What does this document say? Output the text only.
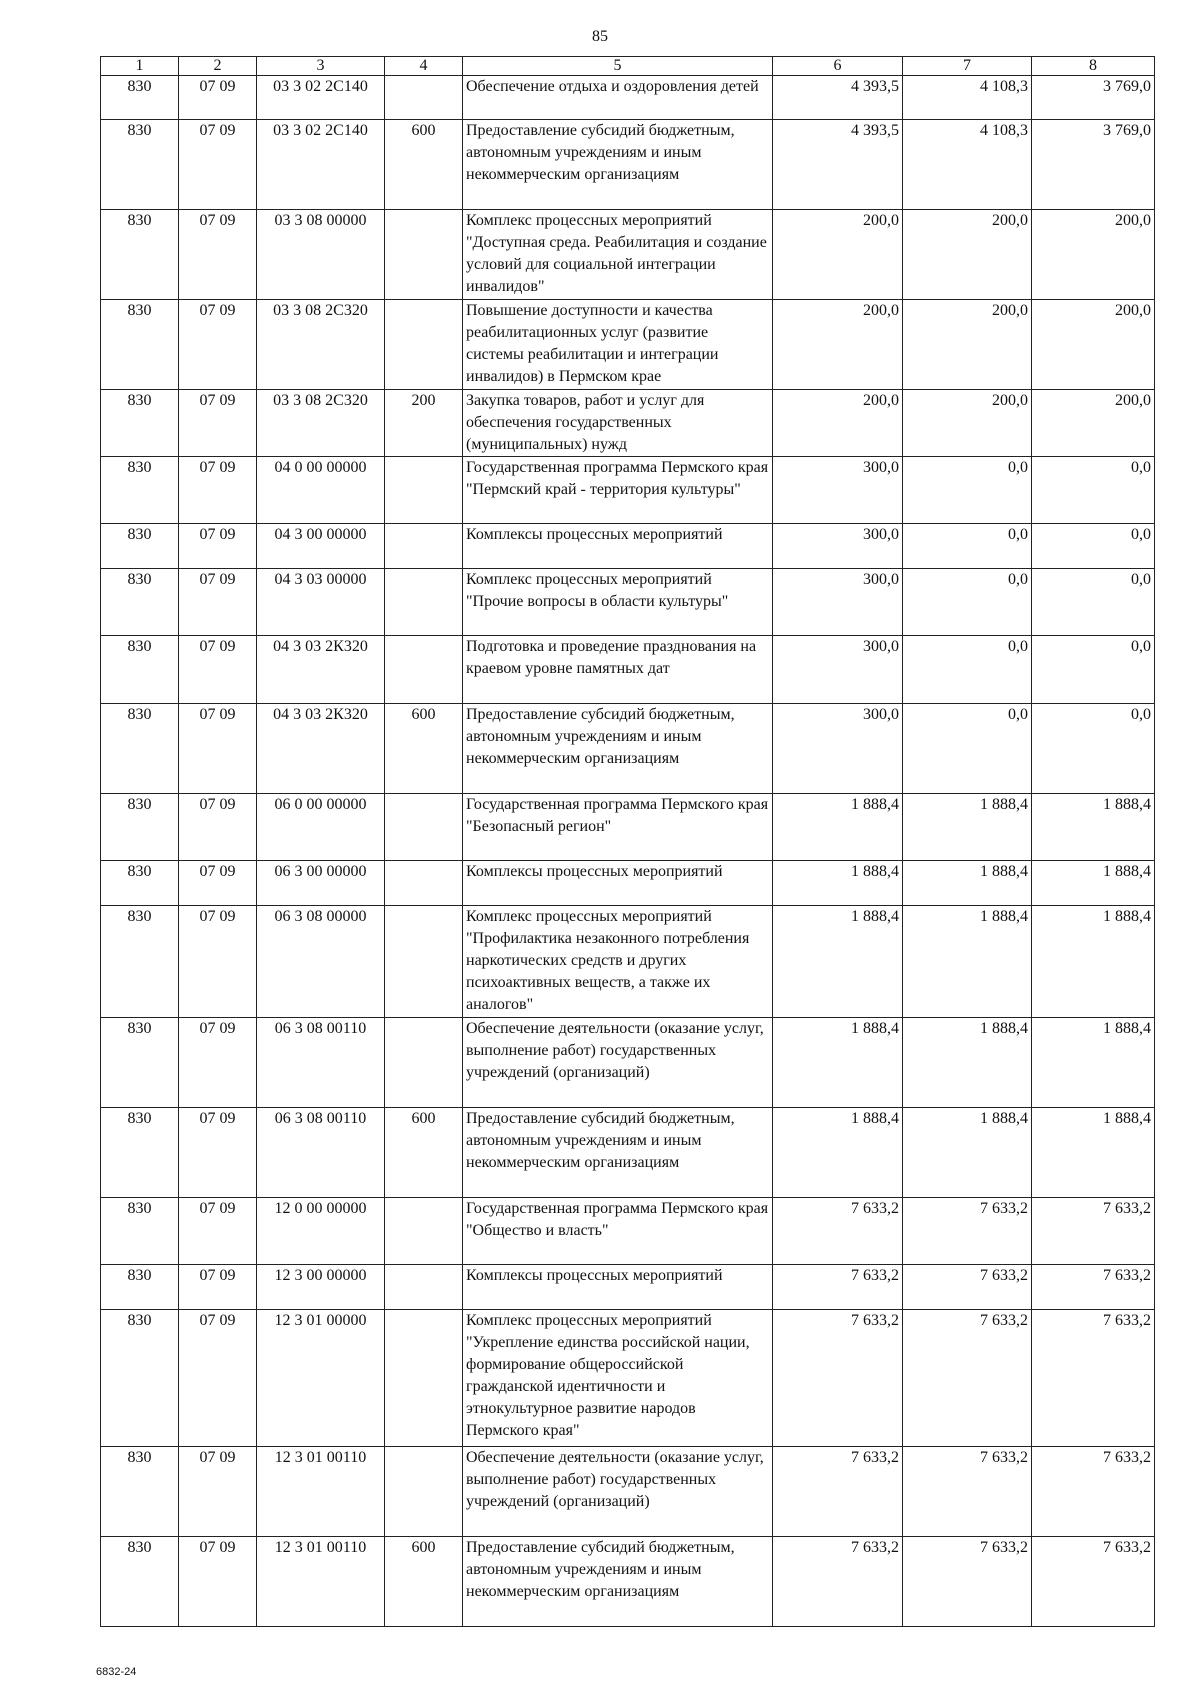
85
1	2	3	4	5	6	7	8
830	07 09	03 3 02 2С140		Обеспечение отдыха и оздоровления детей	4 393,5	4 108,3	3 769,0
830	07 09	03 3 02 2С140	600	Предоставление субсидий бюджетным, автономным учреждениям и иным некоммерческим организациям	4 393,5	4 108,3	3 769,0
830	07 09	03 3 08 00000		Комплекс процессных мероприятий "Доступная среда. Реабилитация и создание условий для социальной интеграции инвалидов"	200,0	200,0	200,0
830	07 09	03 3 08 2С320		Повышение доступности и качества реабилитационных услуг (развитие системы реабилитации и интеграции инвалидов) в Пермском крае	200,0	200,0	200,0
830	07 09	03 3 08 2С320	200	Закупка товаров, работ и услуг для обеспечения государственных (муниципальных) нужд	200,0	200,0	200,0
830	07 09	04 0 00 00000		Государственная программа Пермского края "Пермский край - территория культуры"	300,0	0,0	0,0
830	07 09	04 3 00 00000		Комплексы процессных мероприятий	300,0	0,0	0,0
830	07 09	04 3 03 00000		Комплекс процессных мероприятий "Прочие вопросы в области культуры"	300,0	0,0	0,0
830	07 09	04 3 03 2К320		Подготовка и проведение празднования на краевом уровне памятных дат	300,0	0,0	0,0
830	07 09	04 3 03 2К320	600	Предоставление субсидий бюджетным, автономным учреждениям и иным некоммерческим организациям	300,0	0,0	0,0
830	07 09	06 0 00 00000		Государственная программа Пермского края "Безопасный регион"	1 888,4	1 888,4	1 888,4
830	07 09	06 3 00 00000		Комплексы процессных мероприятий	1 888,4	1 888,4	1 888,4
830	07 09	06 3 08 00000		Комплекс процессных мероприятий "Профилактика незаконного потребления наркотических средств и других психоактивных веществ, а также их аналогов"	1 888,4	1 888,4	1 888,4
830	07 09	06 3 08 00110		Обеспечение деятельности (оказание услуг, выполнение работ) государственных учреждений (организаций)	1 888,4	1 888,4	1 888,4
830	07 09	06 3 08 00110	600	Предоставление субсидий бюджетным, автономным учреждениям и иным некоммерческим организациям	1 888,4	1 888,4	1 888,4
830	07 09	12 0 00 00000		Государственная программа Пермского края "Общество и власть"	7 633,2	7 633,2	7 633,2
830	07 09	12 3 00 00000		Комплексы процессных мероприятий	7 633,2	7 633,2	7 633,2
830	07 09	12 3 01 00000		Комплекс процессных мероприятий "Укрепление единства российской нации, формирование общероссийской гражданской идентичности и этнокультурное развитие народов Пермского края"	7 633,2	7 633,2	7 633,2
830	07 09	12 3 01 00110		Обеспечение деятельности (оказание услуг, выполнение работ) государственных учреждений (организаций)	7 633,2	7 633,2	7 633,2
830	07 09	12 3 01 00110	600	Предоставление субсидий бюджетным, автономным учреждениям и иным некоммерческим организациям	7 633,2	7 633,2	7 633,2
6832-24
